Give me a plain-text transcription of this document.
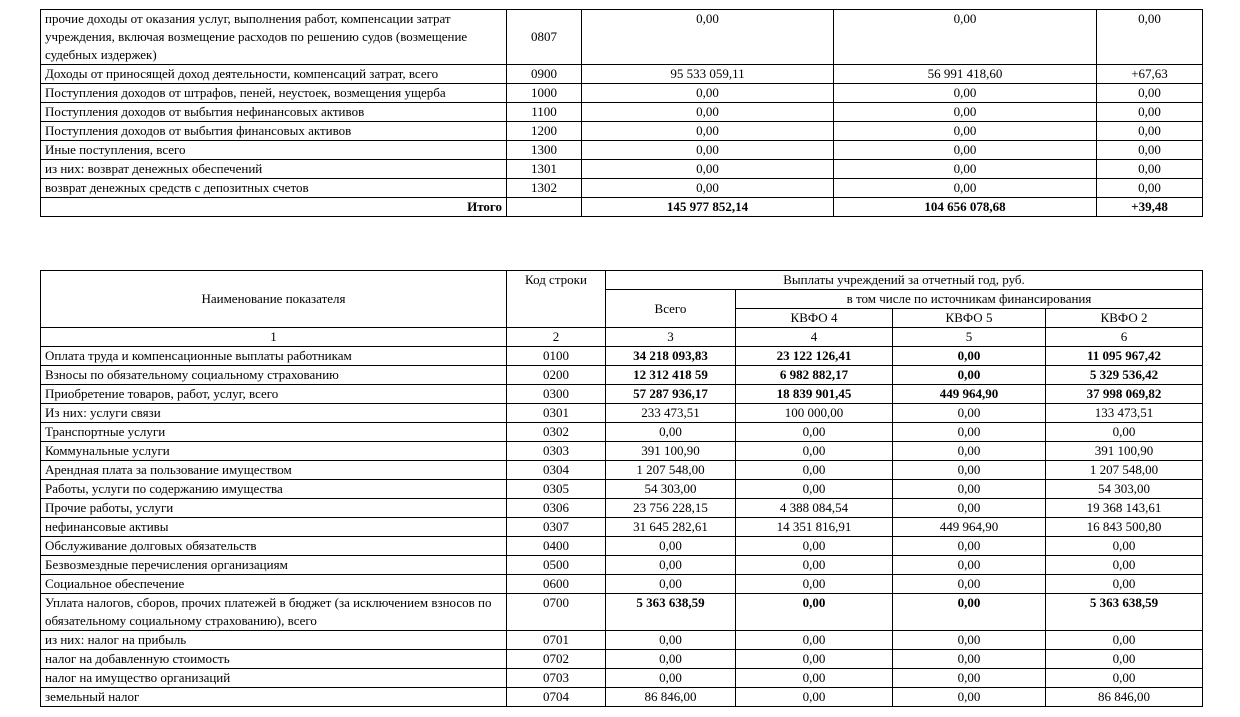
прочие доходы от оказания услуг, выполнения работ, компенсации затрат учреждения, включая возмещение расходов по решению судов (возмещение судебных издержек)	0807	0,00	0,00	0,00
Доходы от приносящей доход деятельности, компенсаций затрат, всего	0900	95 533 059,11	56 991 418,60	+67,63
Поступления доходов от штрафов, пеней, неустоек, возмещения ущерба	1000	0,00	0,00	0,00
Поступления доходов от выбытия нефинансовых активов	1100	0,00	0,00	0,00
Поступления доходов от выбытия финансовых активов	1200	0,00	0,00	0,00
Иные поступления, всего	1300	0,00	0,00	0,00
из них: возврат денежных обеспечений	1301	0,00	0,00	0,00
возврат денежных средств с депозитных счетов	1302	0,00	0,00	0,00
Итого		145 977 852,14	104 656 078,68	+39,48
Наименование показателя	Код строки	Выплаты учреждений за отчетный год, руб.			
		Всего	в том числе по источникам финансирования		
			КВФО 4	КВФО 5	КВФО 2
1	2	3	4	5	6
Оплата труда и компенсационные выплаты работникам	0100	34 218 093,83	23 122 126,41	0,00	11 095 967,42
Взносы по обязательному социальному страхованию	0200	12 312 418 59	6 982 882,17	0,00	5 329 536,42
Приобретение товаров, работ, услуг, всего	0300	57 287 936,17	18 839 901,45	449 964,90	37 998 069,82
Из них: услуги связи	0301	233 473,51	100 000,00	0,00	133 473,51
Транспортные услуги	0302	0,00	0,00	0,00	0,00
Коммунальные услуги	0303	391 100,90	0,00	0,00	391 100,90
Арендная плата за пользование имуществом	0304	1 207 548,00	0,00	0,00	1 207 548,00
Работы, услуги по содержанию имущества	0305	54 303,00	0,00	0,00	54 303,00
Прочие работы, услуги	0306	23 756 228,15	4 388 084,54	0,00	19 368 143,61
нефинансовые активы	0307	31 645 282,61	14 351 816,91	449 964,90	16 843 500,80
Обслуживание долговых обязательств	0400	0,00	0,00	0,00	0,00
Безвозмездные перечисления организациям	0500	0,00	0,00	0,00	0,00
Социальное обеспечение	0600	0,00	0,00	0,00	0,00
Уплата налогов, сборов, прочих платежей в бюджет (за исключением взносов по обязательному социальному страхованию), всего	0700	5 363 638,59	0,00	0,00	5 363 638,59
из них: налог на прибыль	0701	0,00	0,00	0,00	0,00
налог на добавленную стоимость	0702	0,00	0,00	0,00	0,00
налог на имущество организаций	0703	0,00	0,00	0,00	0,00
земельный налог	0704	86 846,00	0,00	0,00	86 846,00
